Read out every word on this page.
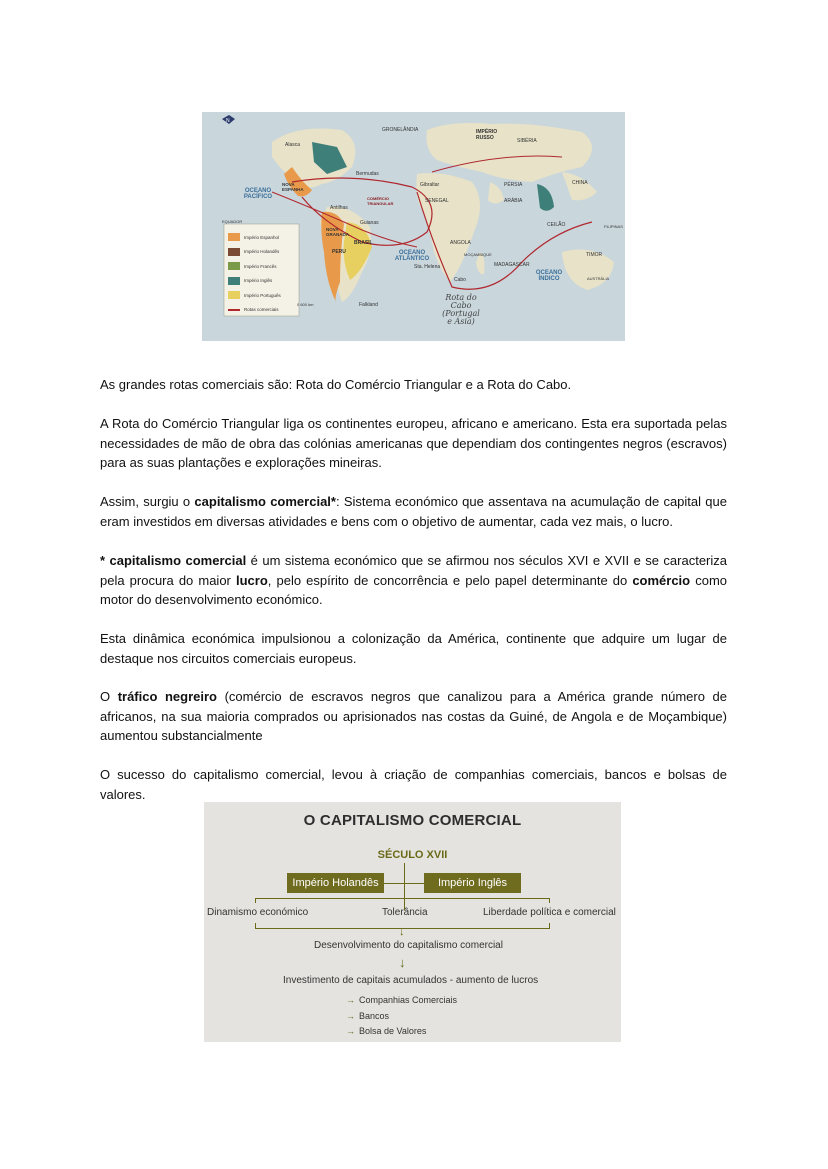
N
Alasca
GRONELÂNDIA	IMPÉRIO RUSSO	SIBÉRIA
OCEANO PACÍFICO
NOVA ESPANHA
Bermudas
Gibraltar	PÉRSIA	CHINA
EQUADOR
Antilhas
SENEGAL	ARÁBIA
COMÉRCIO TRIANGULAR
NOVA GRANADA
Guianas
BRASIL
PERU
ANGOLA
MOÇAMBIQUE
OCEANO ATLÂNTICO
Sta. Helena
Cabo
MADAGASCAR
OCEANO ÍNDICO
CEILÃO	FILIPINAS
TIMOR
AUSTRÁLIA
Falkland
0 600 km
Rota do Cabo (Portugal e Ásia)
Império Espanhol
Império Holandês
Império Francês
Império Inglês
Império Português
Rotas comerciais
As grandes rotas comerciais são: Rota do Comércio Triangular e a Rota do Cabo.
A Rota do Comércio Triangular liga os continentes europeu, africano e americano. Esta era suportada pelas necessidades de mão de obra das colónias americanas que dependiam dos contingentes negros (escravos) para as suas plantações e explorações mineiras.
Assim, surgiu o capitalismo comercial*: Sistema económico que assentava na acumulação de capital que eram investidos em diversas atividades e bens com o objetivo de aumentar, cada vez mais, o lucro.
* capitalismo comercial é um sistema económico que se afirmou nos séculos XVI e XVII e se caracteriza pela procura do maior lucro, pelo espírito de concorrência e pelo papel determinante do comércio como motor do desenvolvimento económico.
Esta dinâmica económica impulsionou a colonização da América, continente que adquire um lugar de destaque nos circuitos comerciais europeus.
O tráfico negreiro (comércio de escravos negros que canalizou para a América grande número de africanos, na sua maioria comprados ou aprisionados nas costas da Guiné, de Angola e de Moçambique) aumentou substancialmente
O sucesso do capitalismo comercial, levou à criação de companhias comerciais, bancos e bolsas de valores.
O CAPITALISMO COMERCIAL
SÉCULO XVII
Império Holandês	Império Inglês
Dinamismo económico	Tolerância	Liberdade política e comercial
↓
Desenvolvimento do capitalismo comercial
↓
Investimento de capitais acumulados - aumento de lucros
→ Companhias Comerciais
→ Bancos
→ Bolsa de Valores
